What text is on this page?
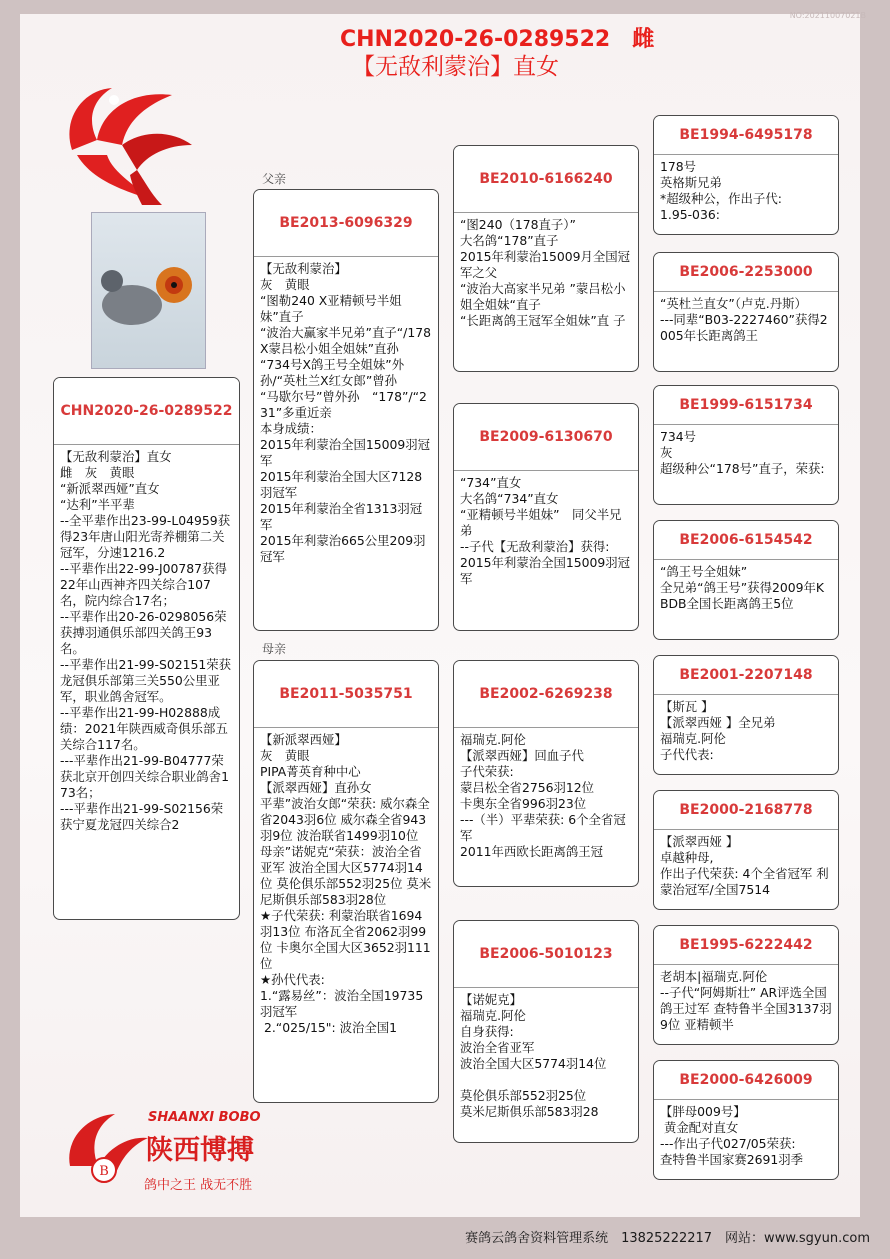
NO:20211007021B
CHN2020-26-0289522　雌
【无敌利蒙治】直女
父亲
母亲
CHN2020-26-0289522
【无敌利蒙治】直女
雌　灰　黄眼
“新派翠西娅”直女
“达利”半平辈
--全平辈作出23-99-L04959获得23年唐山阳光寄养棚第二关冠军，分速1216.2
--平辈作出22-99-J00787获得22年山西神齐四关综合107名，院内综合17名；
--平辈作出20-26-0298056荣获搏羽通俱乐部四关鸽王93名。
--平辈作出21-99-S02151荣获龙冠俱乐部第三关550公里亚军，职业鸽舍冠军。
--平辈作出21-99-H02888成绩：2021年陕西威奇俱乐部五关综合117名。
---平辈作出21-99-B04777荣获北京开创四关综合职业鸽舍173名；
---平辈作出21-99-S02156荣获宁夏龙冠四关综合2
BE2013-6096329
【无敌利蒙治】
灰　黄眼
“图勒240 X亚精顿号半姐妹”直子
“波治大赢家半兄弟”直子“/178 X蒙吕松小姐全姐妹”直孙
“734号X鸽王号全姐妹”外孙/“英杜兰X红女郎”曾孙
“马歇尔号”曾外孙　“178”/“231”多重近亲
本身成绩：
2015年利蒙治全国15009羽冠军
2015年利蒙治全国大区7128羽冠军
2015年利蒙治全省1313羽冠军
2015年利蒙治665公里209羽冠军
BE2011-5035751
【新派翠西娅】
灰　黄眼
PIPA菁英育种中心
【派翠西娅】直孙女
平辈”波治女郎“荣获: 威尔森全省2043羽6位 威尔森全省943羽9位 波治联省1499羽10位
母亲”诺妮克“荣获：波治全省亚军 波治全国大区5774羽14位 莫伦俱乐部552羽25位 莫米尼斯俱乐部583羽28位
★子代荣获: 利蒙治联省1694羽13位 布洛瓦全省2062羽99位 卡奥尔全国大区3652羽111位
★孙代代表:
1.“露易丝”：波治全国19735羽冠军
2.“025/15": 波治全国1
BE2010-6166240
“图240（178直子）”
大名鸽“178”直子
2015年利蒙治15009月全国冠军之父
“波治大高家半兄弟 ”蒙吕松小姐全姐妹“直子
“长距离鸽王冠军全姐妹”直 子
BE2009-6130670
“734”直女
大名鸽“734”直女
“亚精顿号半姐妹”　同父半兄弟
--子代【无敌利蒙治】获得:
2015年利蒙治全国15009羽冠军
BE2002-6269238
福瑞克.阿伦
【派翠西娅】回血子代
子代荣获:
蒙吕松全省2756羽12位
卡奥东全省996羽23位
---（半）平辈荣获: 6个全省冠军
2011年西欧长距离鸽王冠
BE2006-5010123
【诺妮克】
福瑞克.阿伦
自身获得:
波治全省亚军
波治全国大区5774羽14位

莫伦俱乐部552羽25位
莫米尼斯俱乐部583羽28
BE1994-6495178
178号
英格斯兄弟
*超级种公，作出子代:
1.95-036:
BE2006-2253000
“英杜兰直女”（卢克.丹斯）
---同辈“B03-2227460”获得2005年长距离鸽王
BE1999-6151734
734号
灰
超级种公“178号”直子，荣获:
BE2006-6154542
“鸽王号全姐妹”
全兄弟“鸽王号”获得2009年KBDB全国长距离鸽王5位
BE2001-2207148
【斯瓦 】
【派翠西娅 】全兄弟
福瑞克.阿伦
子代代表:
BE2000-2168778
【派翠西娅 】
卓越种母,
作出子代荣获: 4个全省冠军 利蒙治冠军/全国7514
BE1995-6222442
老胡本|福瑞克.阿伦
--子代“阿姆斯壮” AR评选全国鸽王过军 查特鲁半全国3137羽9位 亚精顿半
BE2000-6426009
【胖母009号】
黄金配对直女
---作出子代027/05荣获:
查特鲁半国家赛2691羽季
B
SHAANXI BOBO
陕西博搏
鸽中之王 战无不胜
赛鸽云鸽舍资料管理系统　13825222217　网站：www.sgyun.com
